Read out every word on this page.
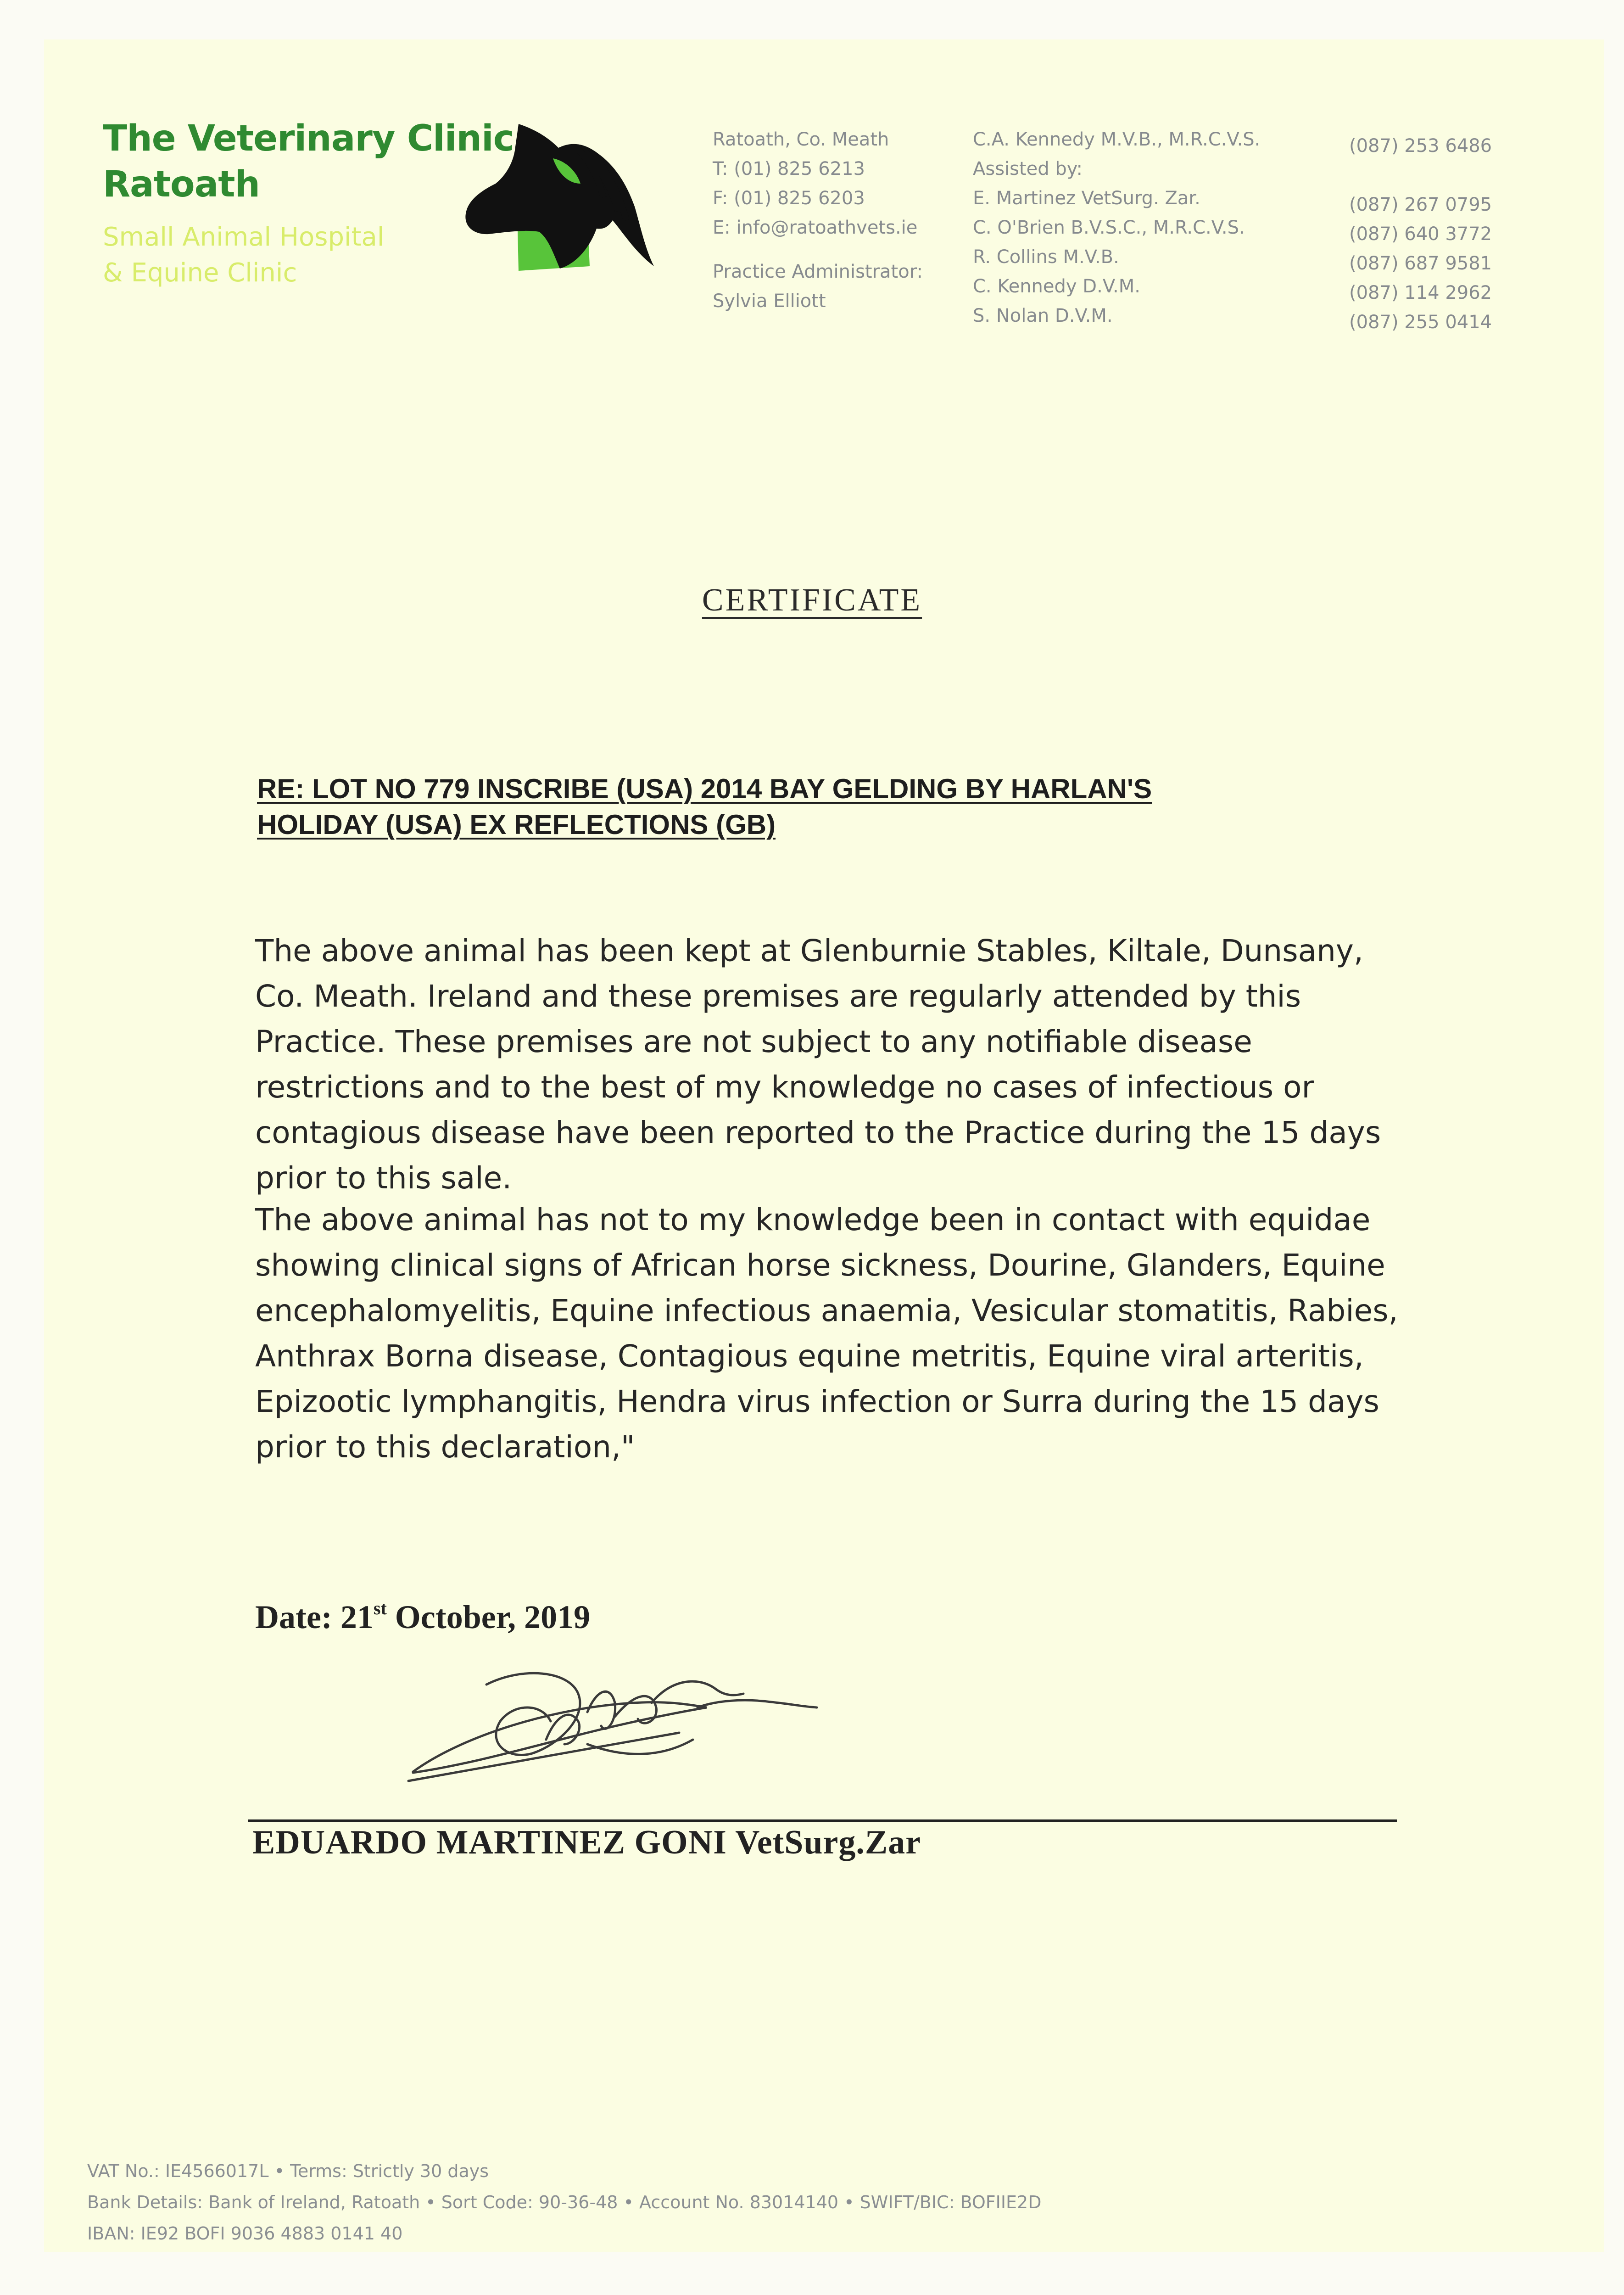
The Veterinary Clinic
Ratoath
Small Animal Hospital
& Equine Clinic
Ratoath, Co. Meath
T: (01) 825 6213
F: (01) 825 6203
E: info@ratoathvets.ie
Practice Administrator:
Sylvia Elliott
C.A. Kennedy M.V.B., M.R.C.V.S.
Assisted by:
E. Martinez VetSurg. Zar.
C. O'Brien B.V.S.C., M.R.C.V.S.
R. Collins M.V.B.
C. Kennedy D.V.M.
S. Nolan D.V.M.
(087) 253 6486
(087) 267 0795
(087) 640 3772
(087) 687 9581
(087) 114 2962
(087) 255 0414
CERTIFICATE
RE: LOT NO 779 INSCRIBE (USA) 2014 BAY GELDING BY HARLAN'S
HOLIDAY (USA) EX REFLECTIONS (GB)
The above animal has been kept at Glenburnie Stables, Kiltale, Dunsany, Co. Meath. Ireland and these premises are regularly attended by this Practice. These premises are not subject to any notifiable disease restrictions and to the best of my knowledge no cases of infectious or contagious disease have been reported to the Practice during the 15 days prior to this sale.
The above animal has not to my knowledge been in contact with equidae showing clinical signs of African horse sickness, Dourine, Glanders, Equine encephalomyelitis, Equine infectious anaemia, Vesicular stomatitis, Rabies, Anthrax Borna disease, Contagious equine metritis, Equine viral arteritis, Epizootic lymphangitis, Hendra virus infection or Surra during the 15 days prior to this declaration,"
Date: 21st October, 2019
EDUARDO MARTINEZ GONI VetSurg.Zar
VAT No.: IE4566017L • Terms: Strictly 30 days
Bank Details: Bank of Ireland, Ratoath • Sort Code: 90-36-48 • Account No. 83014140 • SWIFT/BIC: BOFIIE2D
IBAN: IE92 BOFI 9036 4883 0141 40
